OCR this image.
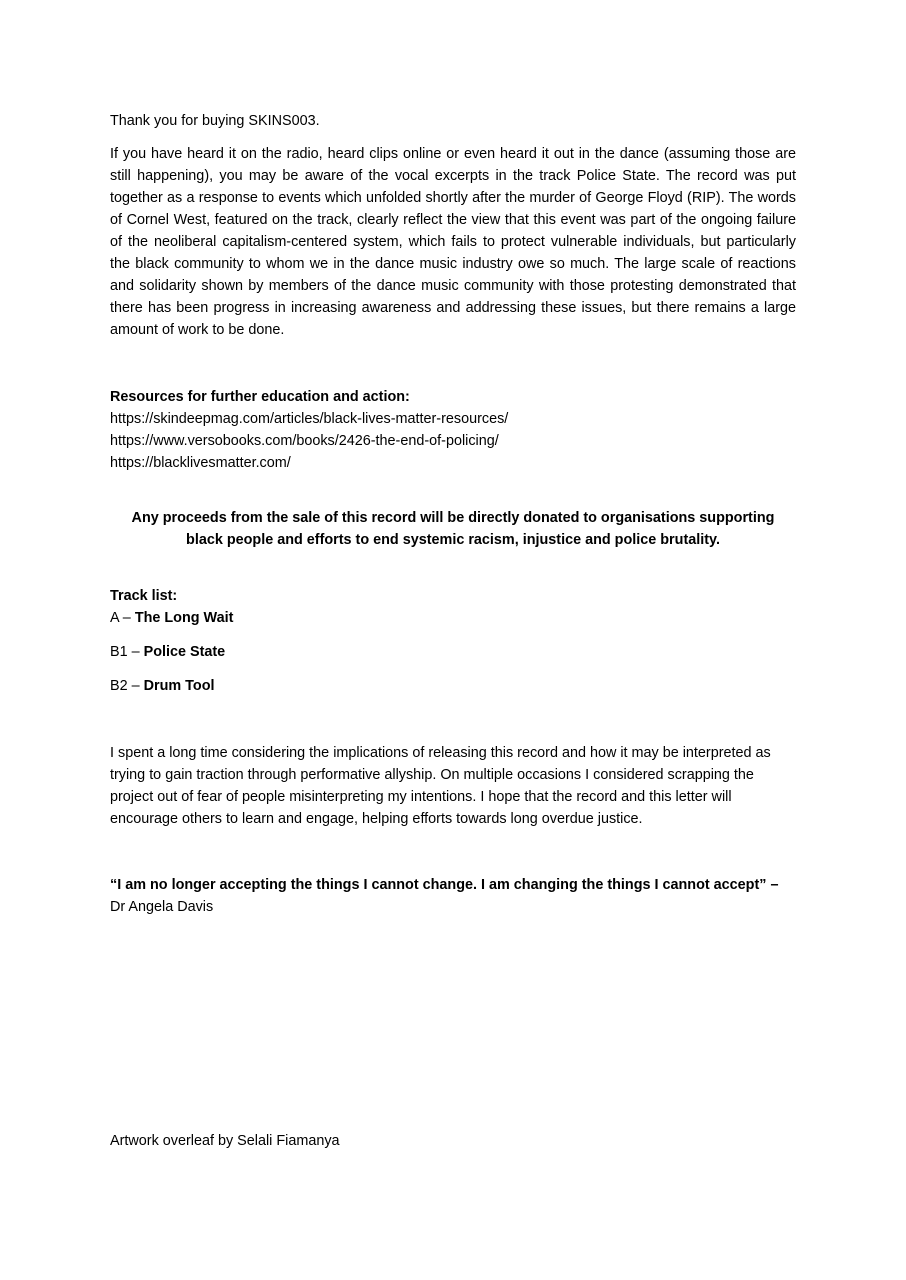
Thank you for buying SKINS003.

If you have heard it on the radio, heard clips online or even heard it out in the dance (assuming those are still happening), you may be aware of the vocal excerpts in the track Police State. The record was put together as a response to events which unfolded shortly after the murder of George Floyd (RIP). The words of Cornel West, featured on the track, clearly reflect the view that this event was part of the ongoing failure of the neoliberal capitalism-centered system, which fails to protect vulnerable individuals, but particularly the black community to whom we in the dance music industry owe so much. The large scale of reactions and solidarity shown by members of the dance music community with those protesting demonstrated that there has been progress in increasing awareness and addressing these issues, but there remains a large amount of work to be done.

Resources for further education and action:

https://skindeepmag.com/articles/black-lives-matter-resources/
https://www.versobooks.com/books/2426-the-end-of-policing/
https://blacklivesmatter.com/

Any proceeds from the sale of this record will be directly donated to organisations supporting black people and efforts to end systemic racism, injustice and police brutality.

Track list:

A – The Long Wait
B1 – Police State
B2 – Drum Tool

I spent a long time considering the implications of releasing this record and how it may be interpreted as trying to gain traction through performative allyship. On multiple occasions I considered scrapping the project out of fear of people misinterpreting my intentions. I hope that the record and this letter will encourage others to learn and engage, helping efforts towards long overdue justice.

“I am no longer accepting the things I cannot change. I am changing the things I cannot accept” –

Dr Angela Davis

Artwork overleaf by Selali Fiamanya
